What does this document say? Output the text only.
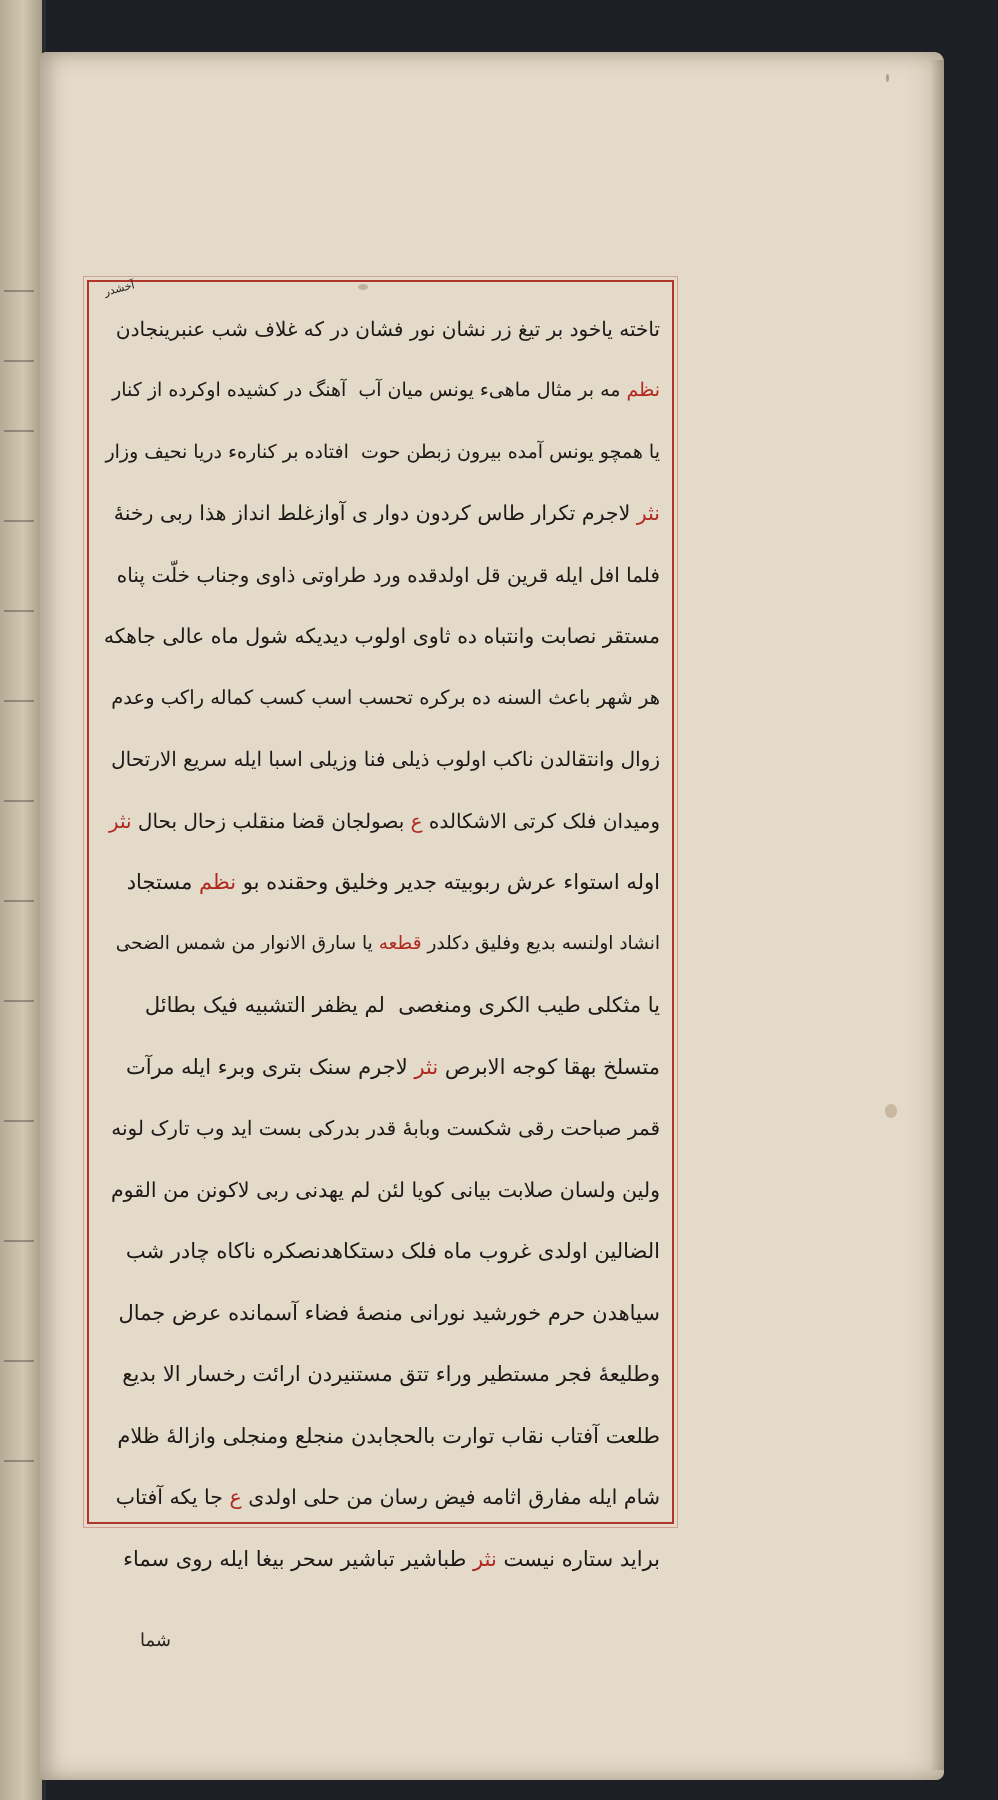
آخشدر
تاخته یاخود بر تیغ زر نشان نور فشان در که غلاف شب عنبرینجادن
نظم مه بر مثال ماهیء یونس میان آب ‌‌ آهنگ در کشیده اوکرده از کنار
یا همچو یونس آمده بیرون زبطن حوت ‌‌ افتاده بر کنارهء دریا نحیف وزار
نثر لاجرم تکرار طاس کردون دوار ی آوازغلط انداز هذا ربی رخنهٔ
فلما افل ایله قرین قل اولدقده ورد طراوتی ذاوی وجناب خلّت پناه
مستقر نصابت وانتباه ده ثاوی اولوب دیدیکه شول ماه عالی جاهکه
هر شهر باعث السنه ده برکره تحسب اسب کسب کماله راکب وعدم
زوال وانتقالدن ناکب اولوب ذیلی فنا وزیلی اسبا ایله سریع الارتحال
ومیدان فلک کرتی الاشکالده ع بصولجان قضا منقلب زحال بحال نثر
اوله استواء عرش ربوبیته جدیر وخلیق وحقنده بو نظم مستجاد
انشاد اولنسه بدیع وفلیق دکلدر قطعه یا سارق الانوار من شمس الضحی
یا مثکلی طیب الکری ومنغصی ‌‌ لم یظفر التشبیه فیک بطائل
متسلخ بهقا کوجه الابرص نثر لاجرم سنک بتری وبرء ایله مرآت
قمر صباحت رقی شکست وبابهٔ قدر بدرکی بست اید وب تارک لونه
ولین ولسان صلابت بیانی کویا لئن لم یهدنی ربی لاکونن من القوم
الضالین اولدی غروب ماه فلک دستکاهدنصکره ناکاه چادر شب
سیاهدن حرم خورشید نورانی منصهٔ فضاء آسمانده عرض جمال
وطلیعهٔ فجر مستطیر وراء تتق مستنیردن ارائت رخسار الا بدیع
طلعت آفتاب نقاب توارت بالحجابدن منجلع ومنجلی وازالهٔ ظلام
شام ایله مفارق اثامه فیض رسان من حلی اولدی ع جا یکه آفتاب
براید ستاره نیست نثر طباشیر تباشیر سحر بیغا ایله روی سماء
شما
